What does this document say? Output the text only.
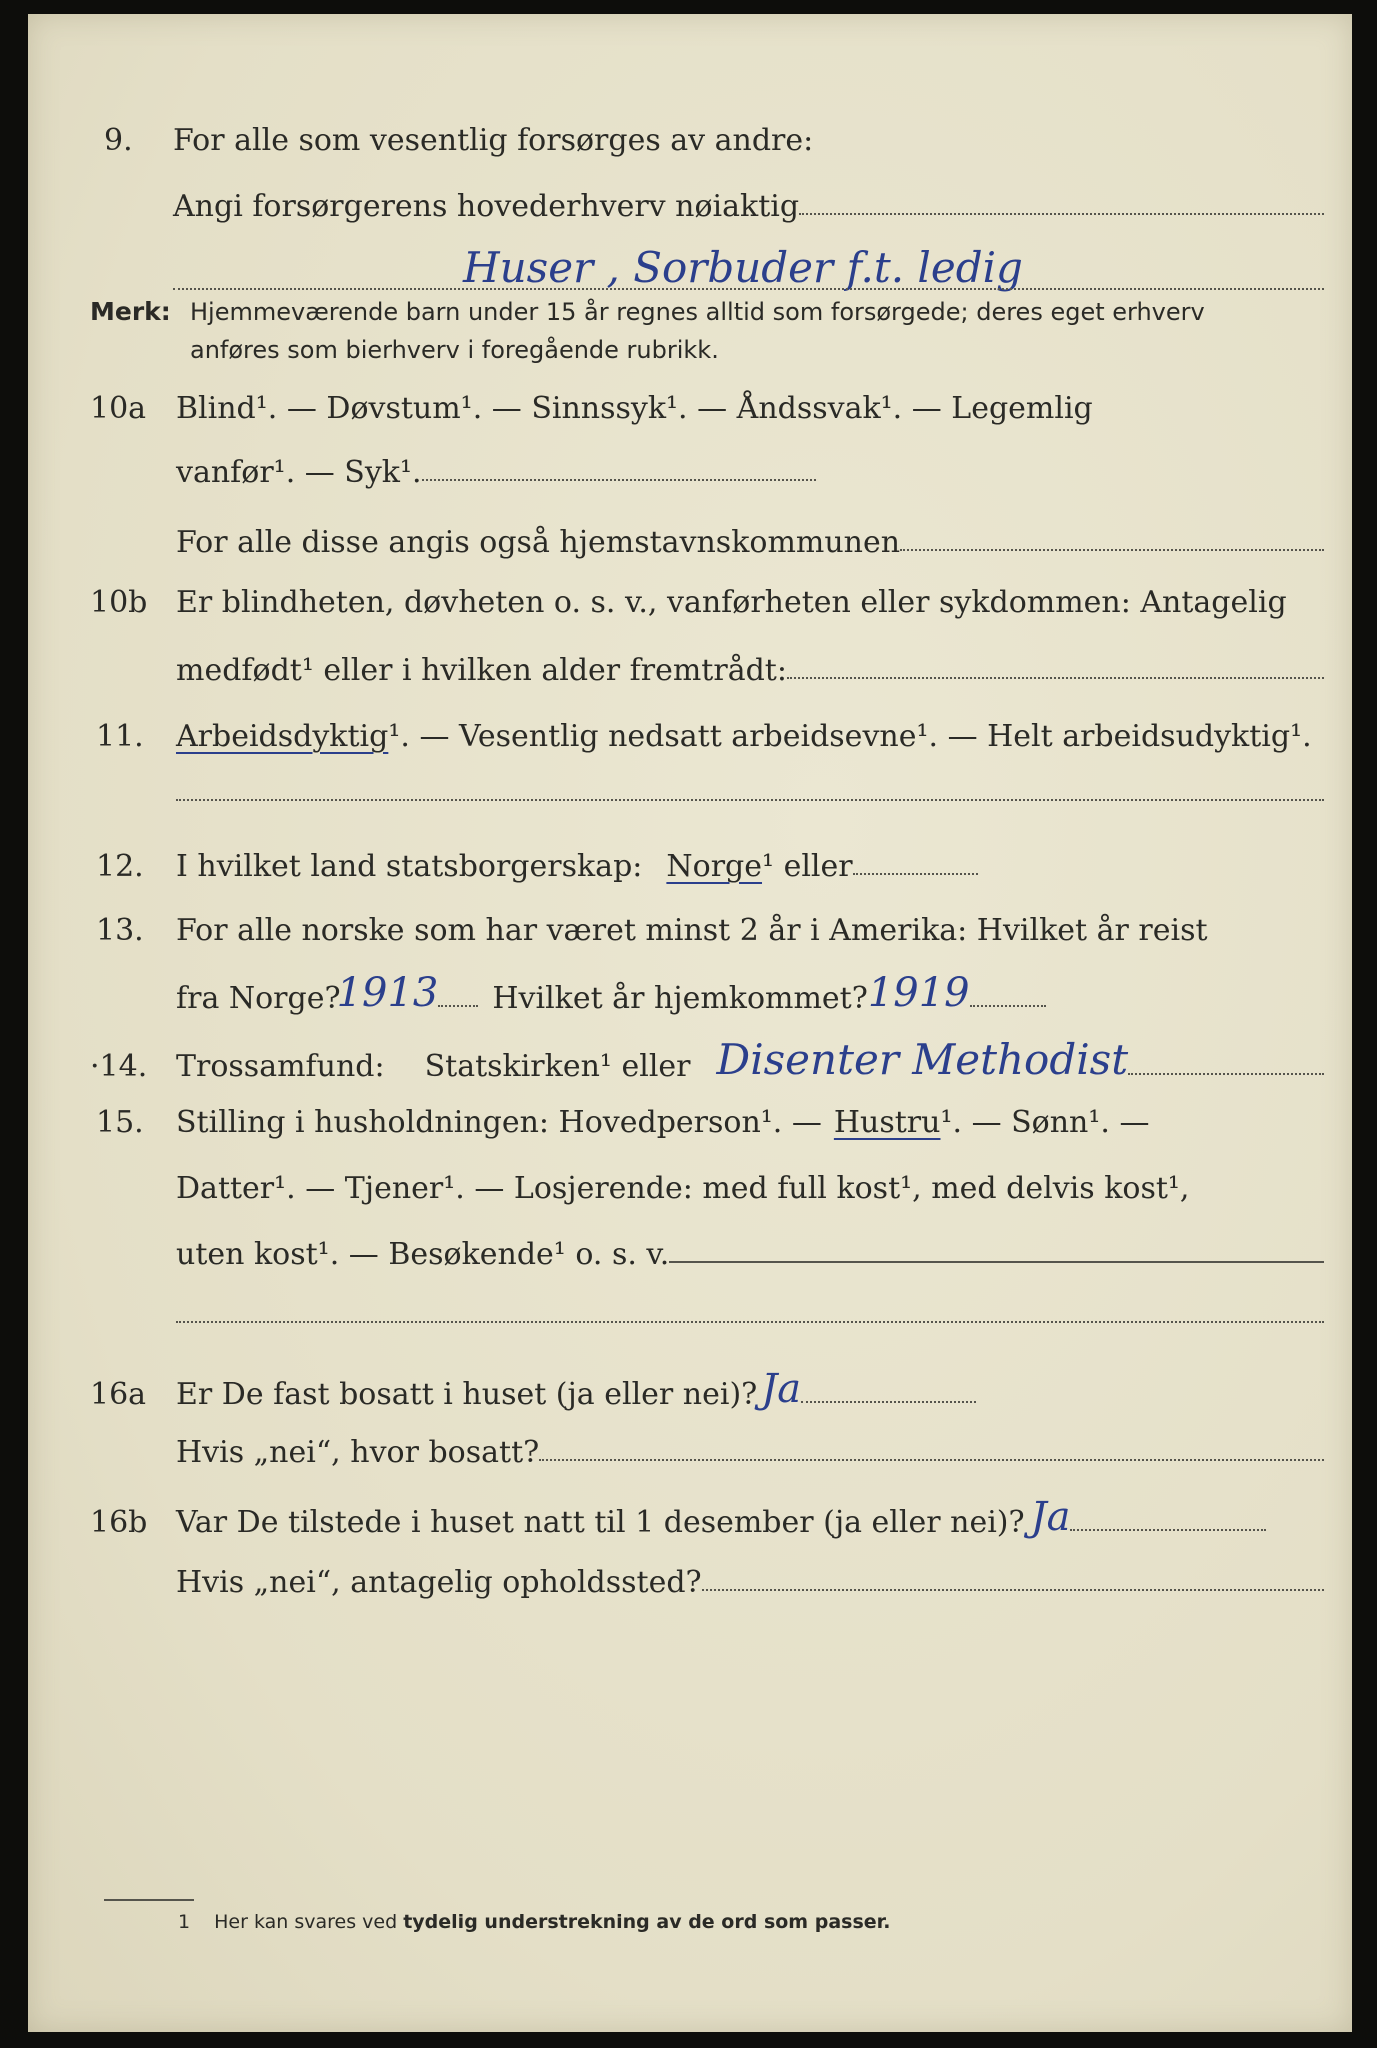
9.	For alle som vesentlig forsørges av andre:
Angi forsørgerens hovederhverv nøiaktig
Huser , Sorbuder f.t. ledig
Merk: Hjemmeværende barn under 15 år regnes alltid som forsørgede; deres eget erhverv
anføres som bierhverv i foregående rubrikk.
10a Blind¹. — Døvstum¹. — Sinnssyk¹. — Åndssvak¹. — Legemlig
vanfør¹. — Syk¹.
For alle disse angis også hjemstavnskommunen
10b Er blindheten, døvheten o. s. v., vanførheten eller sykdommen: Antagelig
medfødt¹ eller i hvilken alder fremtrådt:
11.	Arbeidsdyktig ¹. — Vesentlig nedsatt arbeidsevne¹. — Helt arbeidsudyktig¹.
12.	I hvilket land statsborgerskap: Norge ¹ eller
13.	For alle norske som har været minst 2 år i Amerika: Hvilket år reist
fra Norge?
1913 Hvilket år hjemkommet? 1919
·14. Trossamfund: Statskirken¹ eller Disenter Methodist
15.	Stilling i husholdningen: Hovedperson¹. — Hustru ¹. — Sønn¹. —
Datter¹. — Tjener¹. — Losjerende: med full kost¹, med delvis kost¹,
uten kost¹. — Besøkende¹ o. s. v.
16a Er De fast bosatt i huset (ja eller nei)? Ja
Hvis „nei“, hvor bosatt?
16b Var De tilstede i huset natt til 1 desember (ja eller nei)? Ja
Hvis „nei“, antagelig opholdssted?
1 Her kan svares ved tydelig understrekning av de ord som passer.
